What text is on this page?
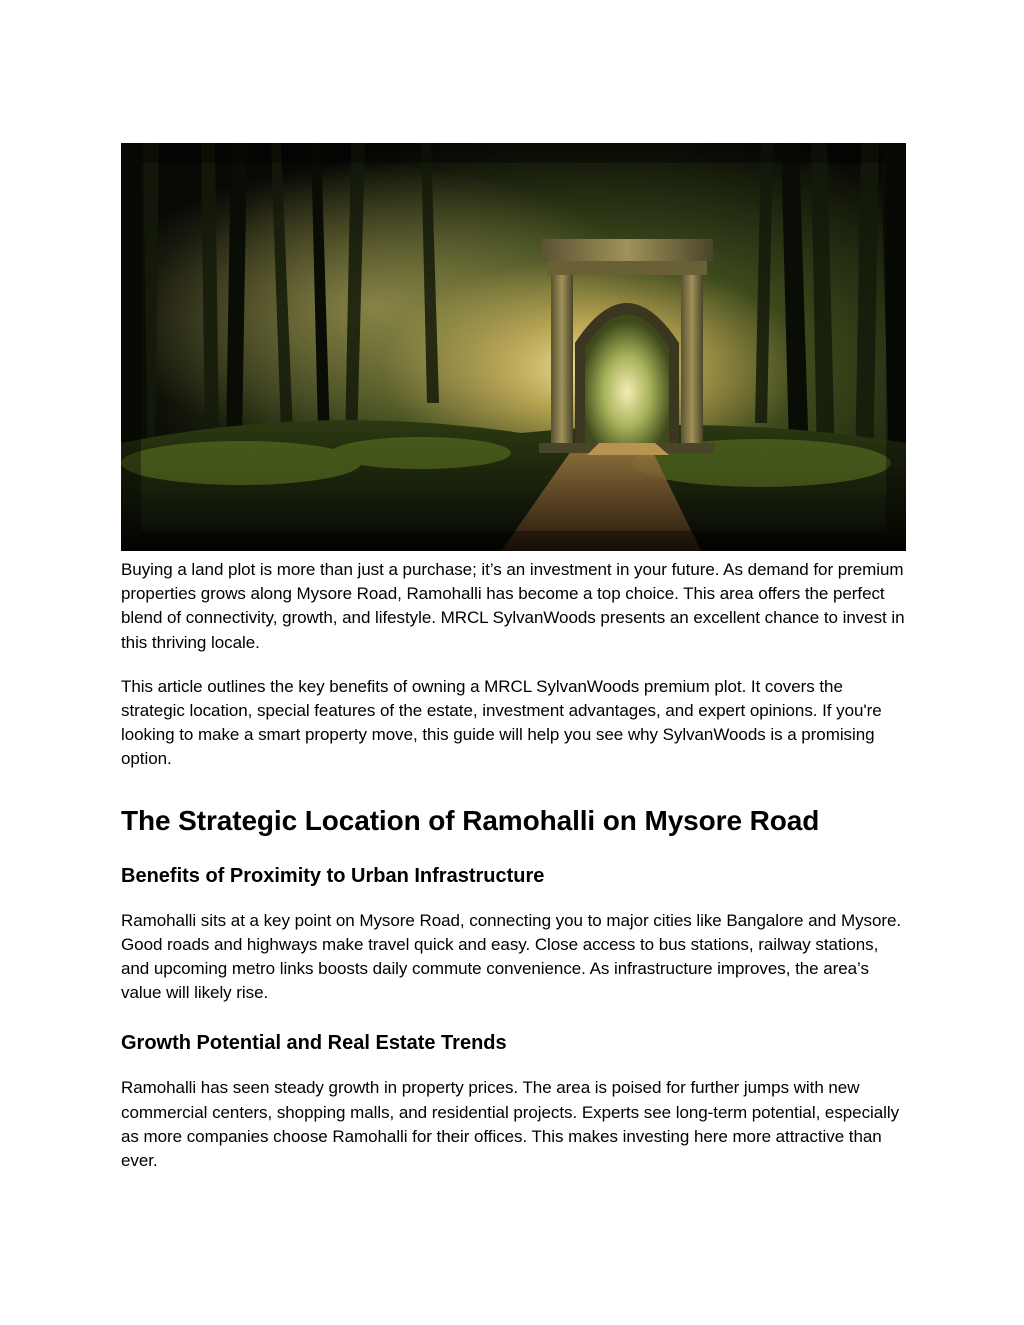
Buying a land plot is more than just a purchase; it’s an investment in your future. As demand for premium properties grows along Mysore Road, Ramohalli has become a top choice. This area offers the perfect blend of connectivity, growth, and lifestyle. MRCL SylvanWoods presents an excellent chance to invest in this thriving locale.

This article outlines the key benefits of owning a MRCL SylvanWoods premium plot. It covers the strategic location, special features of the estate, investment advantages, and expert opinions. If you're looking to make a smart property move, this guide will help you see why SylvanWoods is a promising option.

The Strategic Location of Ramohalli on Mysore Road
Benefits of Proximity to Urban Infrastructure

Ramohalli sits at a key point on Mysore Road, connecting you to major cities like Bangalore and Mysore. Good roads and highways make travel quick and easy. Close access to bus stations, railway stations, and upcoming metro links boosts daily commute convenience. As infrastructure improves, the area’s value will likely rise.

Growth Potential and Real Estate Trends

Ramohalli has seen steady growth in property prices. The area is poised for further jumps with new commercial centers, shopping malls, and residential projects. Experts see long-term potential, especially as more companies choose Ramohalli for their offices. This makes investing here more attractive than ever.
